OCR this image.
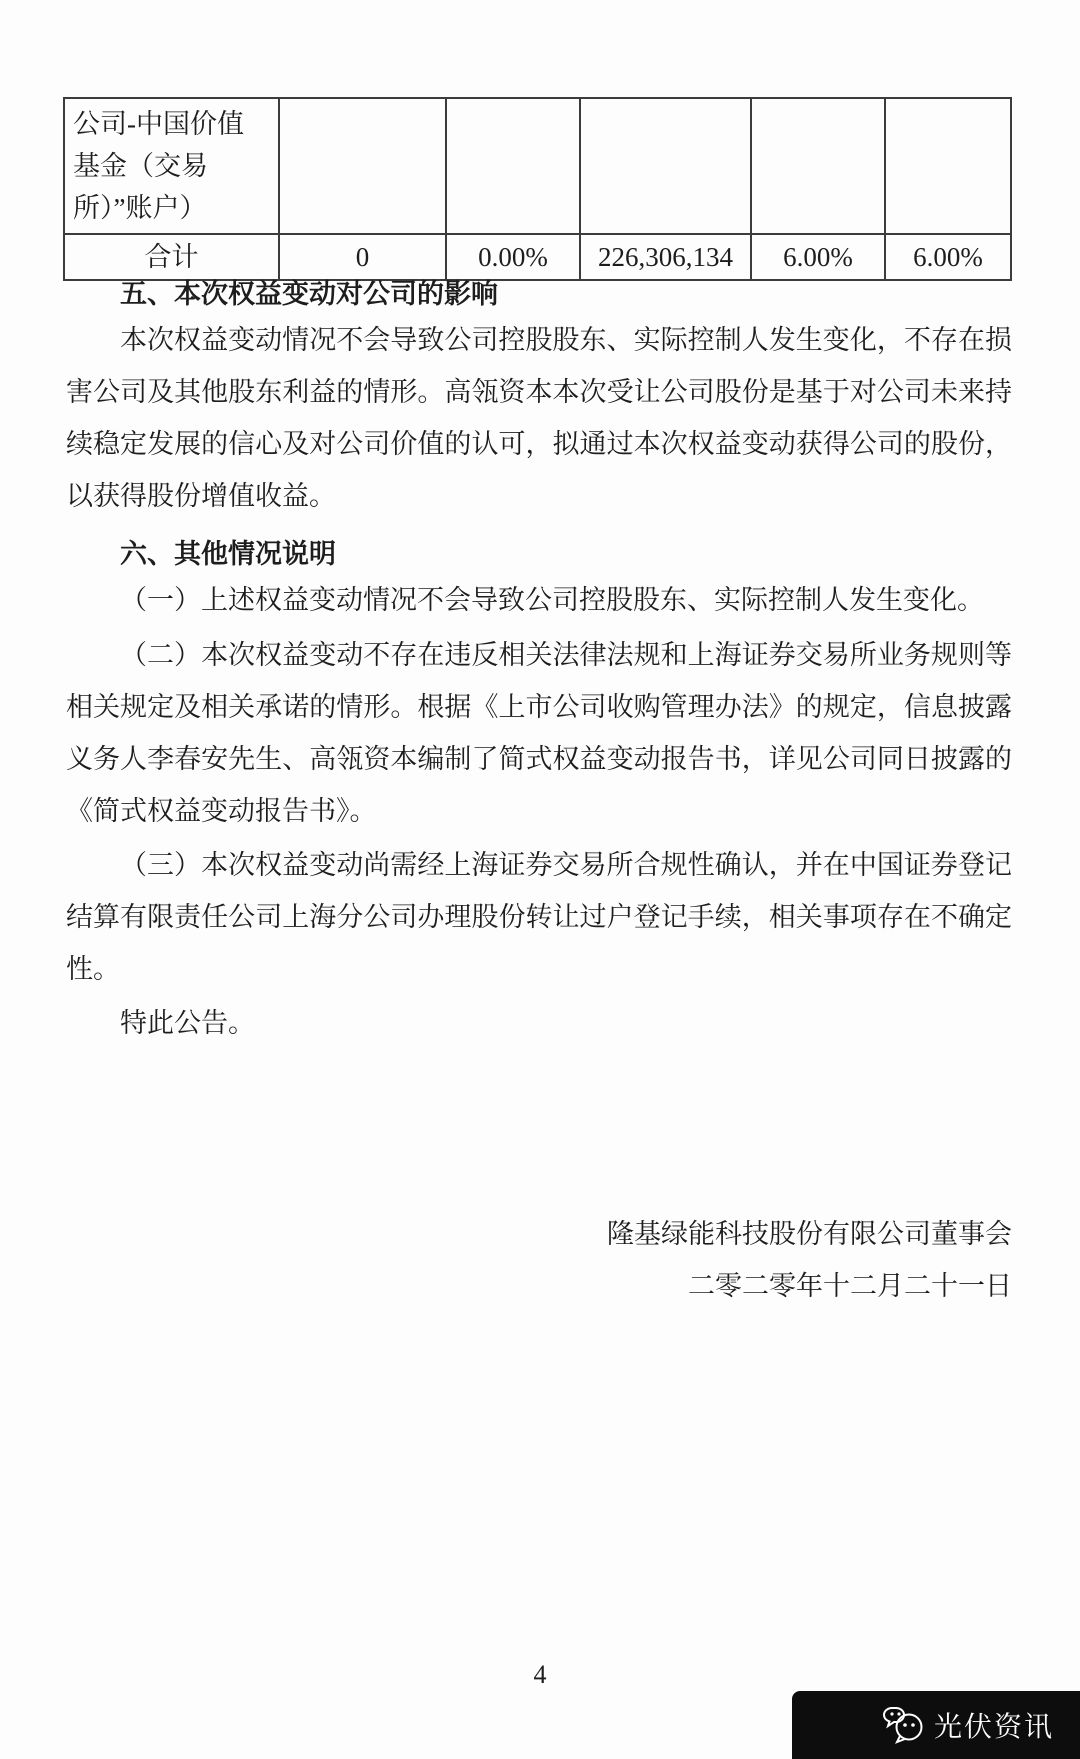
公司-中国价值基金（交易所）”账户）					
合计	0	0.00%	226,306,134	6.00%	6.00%
五、本次权益变动对公司的影响
本次权益变动情况不会导致公司控股股东、实际控制人发生变化，不存在损害公司及其他股东利益的情形。高瓴资本本次受让公司股份是基于对公司未来持续稳定发展的信心及对公司价值的认可，拟通过本次权益变动获得公司的股份，以获得股份增值收益。
六、其他情况说明
（一）上述权益变动情况不会导致公司控股股东、实际控制人发生变化。
（二）本次权益变动不存在违反相关法律法规和上海证券交易所业务规则等相关规定及相关承诺的情形。根据《上市公司收购管理办法》的规定，信息披露义务人李春安先生、高瓴资本编制了简式权益变动报告书，详见公司同日披露的《简式权益变动报告书》。
（三）本次权益变动尚需经上海证券交易所合规性确认，并在中国证券登记结算有限责任公司上海分公司办理股份转让过户登记手续，相关事项存在不确定性。
特此公告。
隆基绿能科技股份有限公司董事会
二零二零年十二月二十一日
4
光伏资讯
